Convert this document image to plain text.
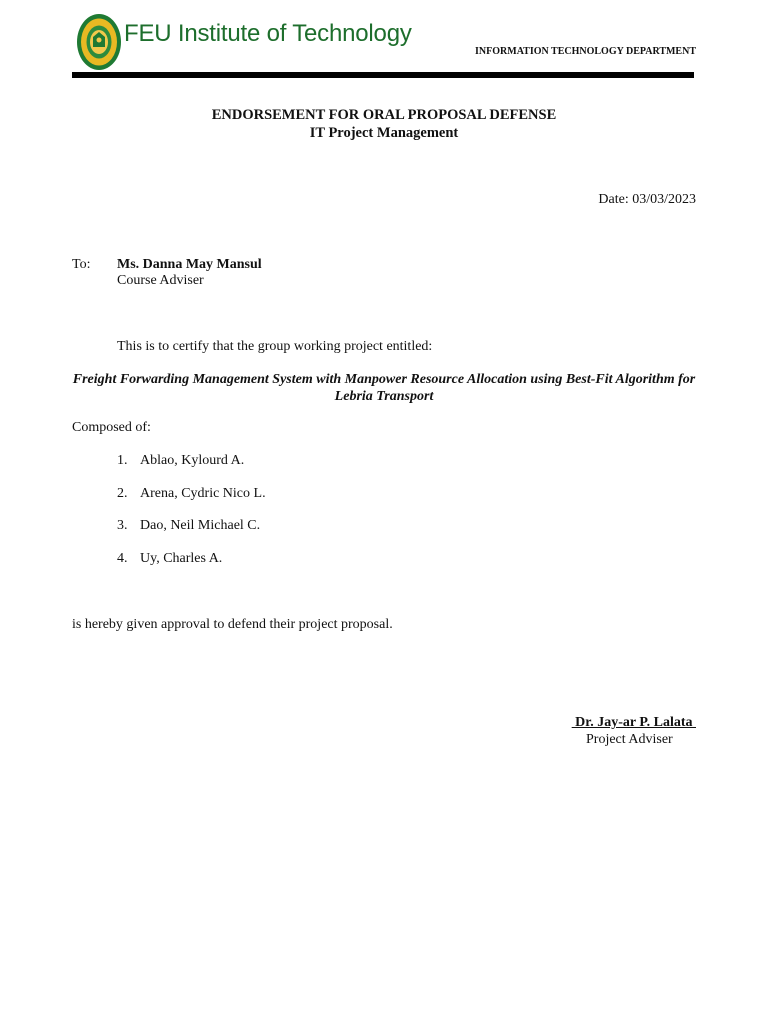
FEU Institute of Technology
INFORMATION TECHNOLOGY DEPARTMENT
ENDORSEMENT FOR ORAL PROPOSAL DEFENSE
IT Project Management
Date: 03/03/2023
To: Ms. Danna May Mansul
Course Adviser
This is to certify that the group working project entitled:
Freight Forwarding Management System with Manpower Resource Allocation using Best-Fit Algorithm for Lebria Transport
Composed of:
1. Ablao, Kylourd A.
2. Arena, Cydric Nico L.
3. Dao, Neil Michael C.
4. Uy, Charles A.
is hereby given approval to defend their project proposal.
Dr. Jay-ar P. Lalata
Project Adviser
